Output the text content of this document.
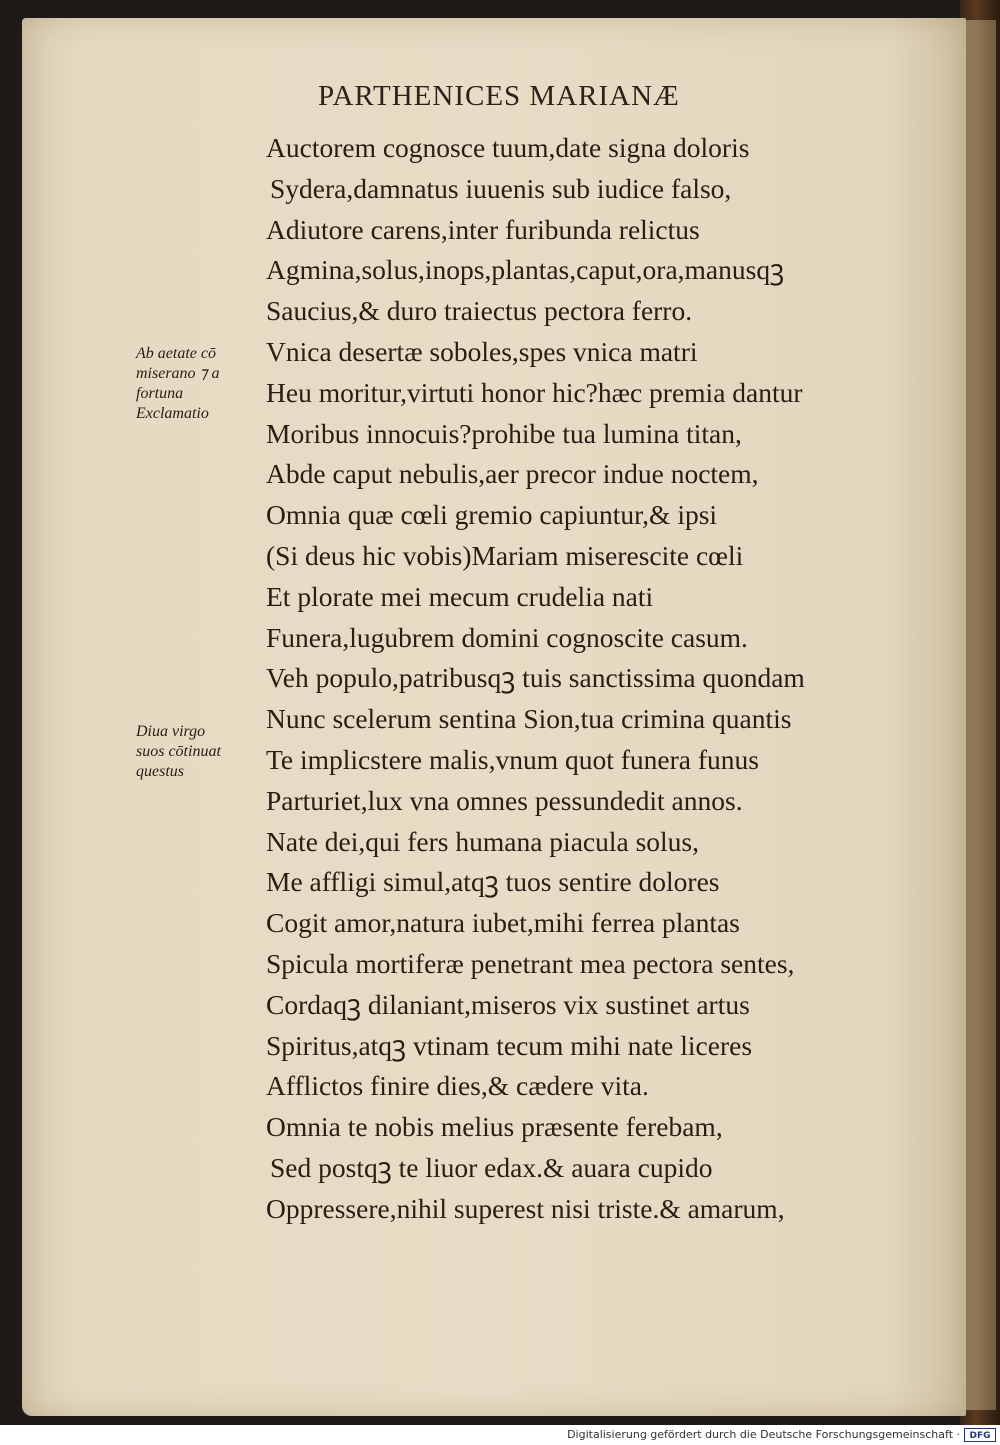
PARTHENICES MARIANÆ
Ab aetate cō
miserano ⁊ a
fortuna
Exclamatio
Diua virgo
suos cōtinuat
questus
Auctorem cognosce tuum,date signa doloris
Sydera,damnatus iuuenis sub iudice falso,
Adiutore carens,inter furibunda relictus
Agmina,solus,inops,plantas,caput,ora,manusqꝫ
Saucius,& duro traiectus pectora ferro.
Vnica desertæ soboles,spes vnica matri
Heu moritur,virtuti honor hic?hæc premia dantur
Moribus innocuis?prohibe tua lumina titan,
Abde caput nebulis,aer precor indue noctem,
Omnia quæ cœli gremio capiuntur,& ipsi
(Si deus hic vobis)Mariam miserescite cœli
Et plorate mei mecum crudelia nati
Funera,lugubrem domini cognoscite casum.
Veh populo,patribusqꝫ tuis sanctissima quondam
Nunc scelerum sentina Sion,tua crimina quantis
Te implicstere malis,vnum quot funera funus
Parturiet,lux vna omnes pessundedit annos.
Nate dei,qui fers humana piacula solus,
Me affligi simul,atqꝫ tuos sentire dolores
Cogit amor,natura iubet,mihi ferrea plantas
Spicula mortiferæ penetrant mea pectora sentes,
Cordaqꝫ dilaniant,miseros vix sustinet artus
Spiritus,atqꝫ vtinam tecum mihi nate liceres
Afflictos finire dies,& cædere vita.
Omnia te nobis melius præsente ferebam,
Sed postqꝫ te liuor edax.& auara cupido
Oppressere,nihil superest nisi triste.& amarum,
Digitalisierung gefördert durch die Deutsche Forschungsgemeinschaft ·	DFG
